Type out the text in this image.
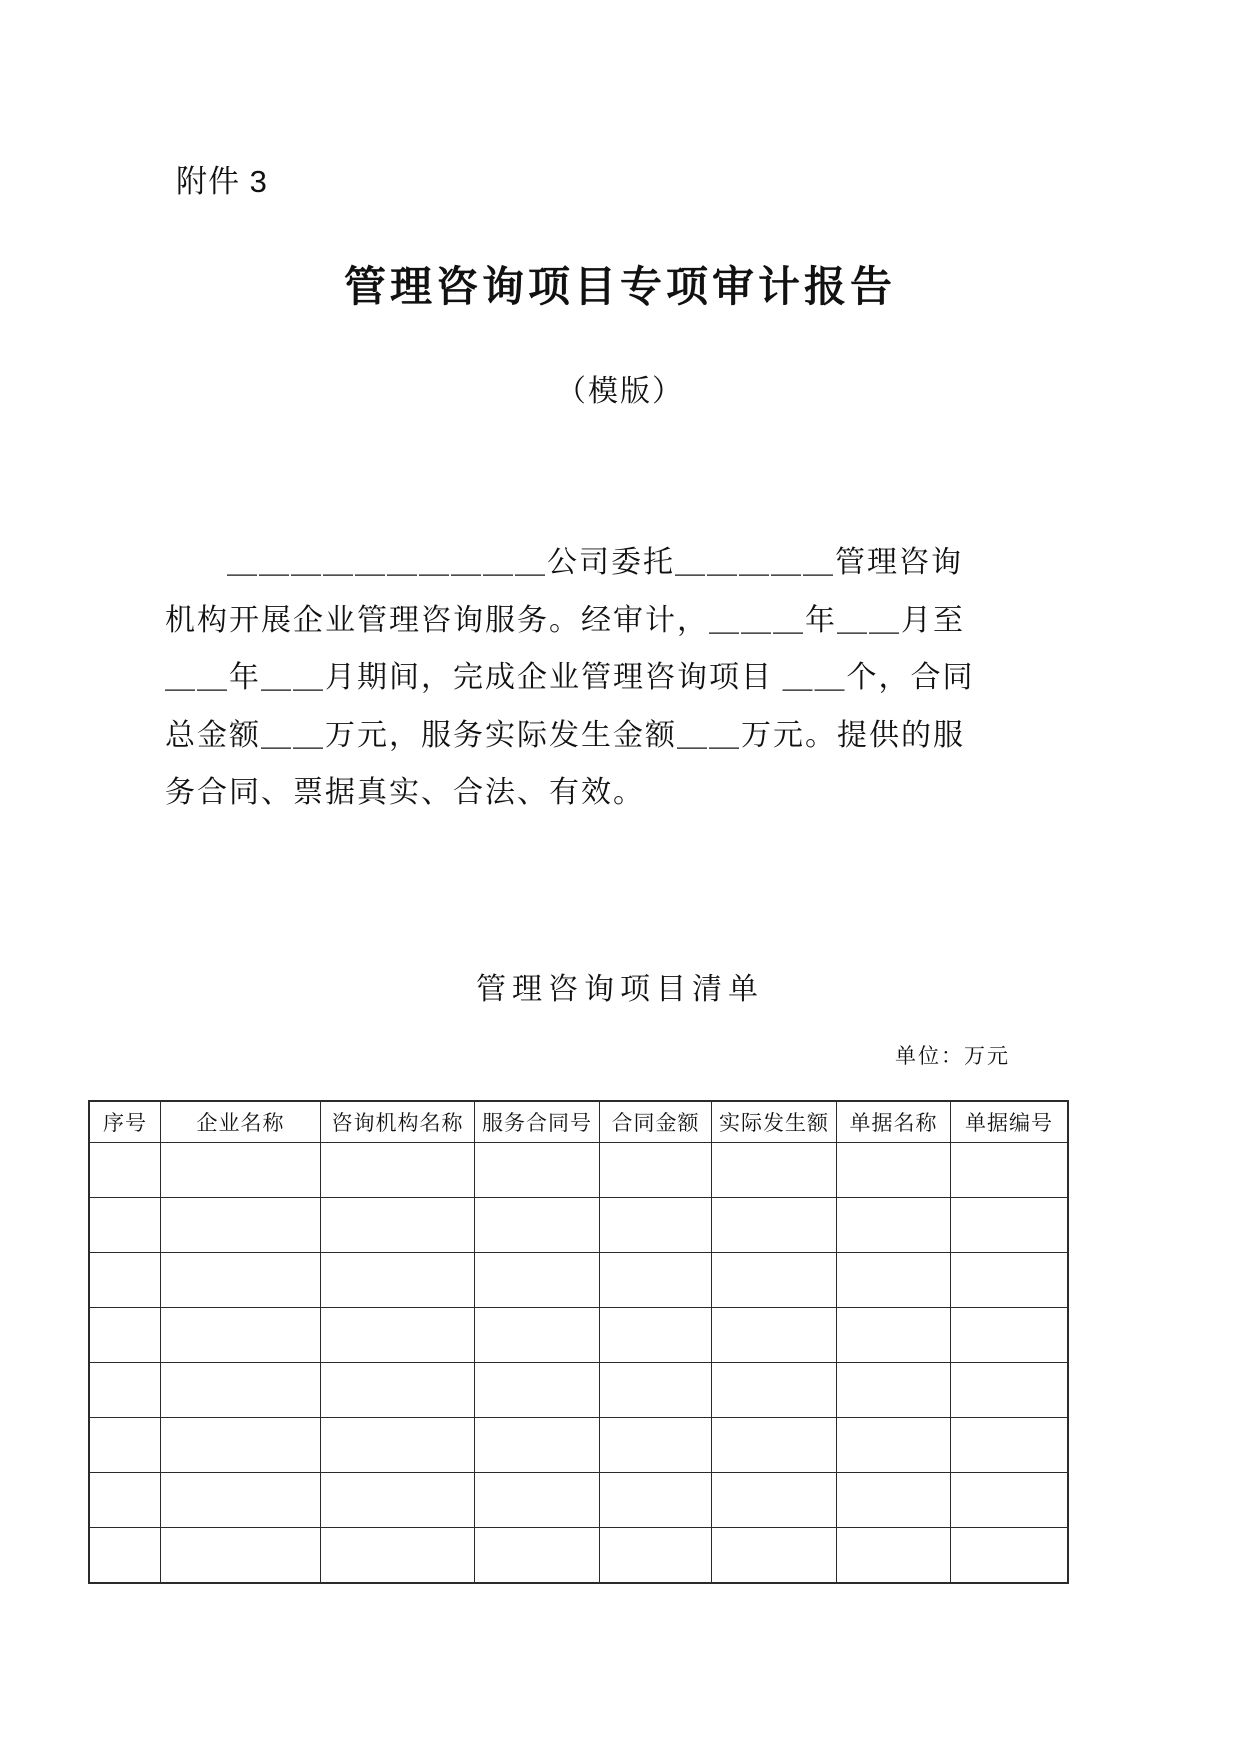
附件 3
管理咨询项目专项审计报告
（模版）
＿＿＿＿＿＿＿＿＿＿公司委托＿＿＿＿＿管理咨询
机构开展企业管理咨询服务。经审计，＿＿＿年＿＿月至
＿＿年＿＿月期间，完成企业管理咨询项目 ＿＿个，合同
总金额＿＿万元，服务实际发生金额＿＿万元。提供的服
务合同、票据真实、合法、有效。
管理咨询项目清单
单位：万元
序号	企业名称	咨询机构名称	服务合同号	合同金额	实际发生额	单据名称	单据编号
